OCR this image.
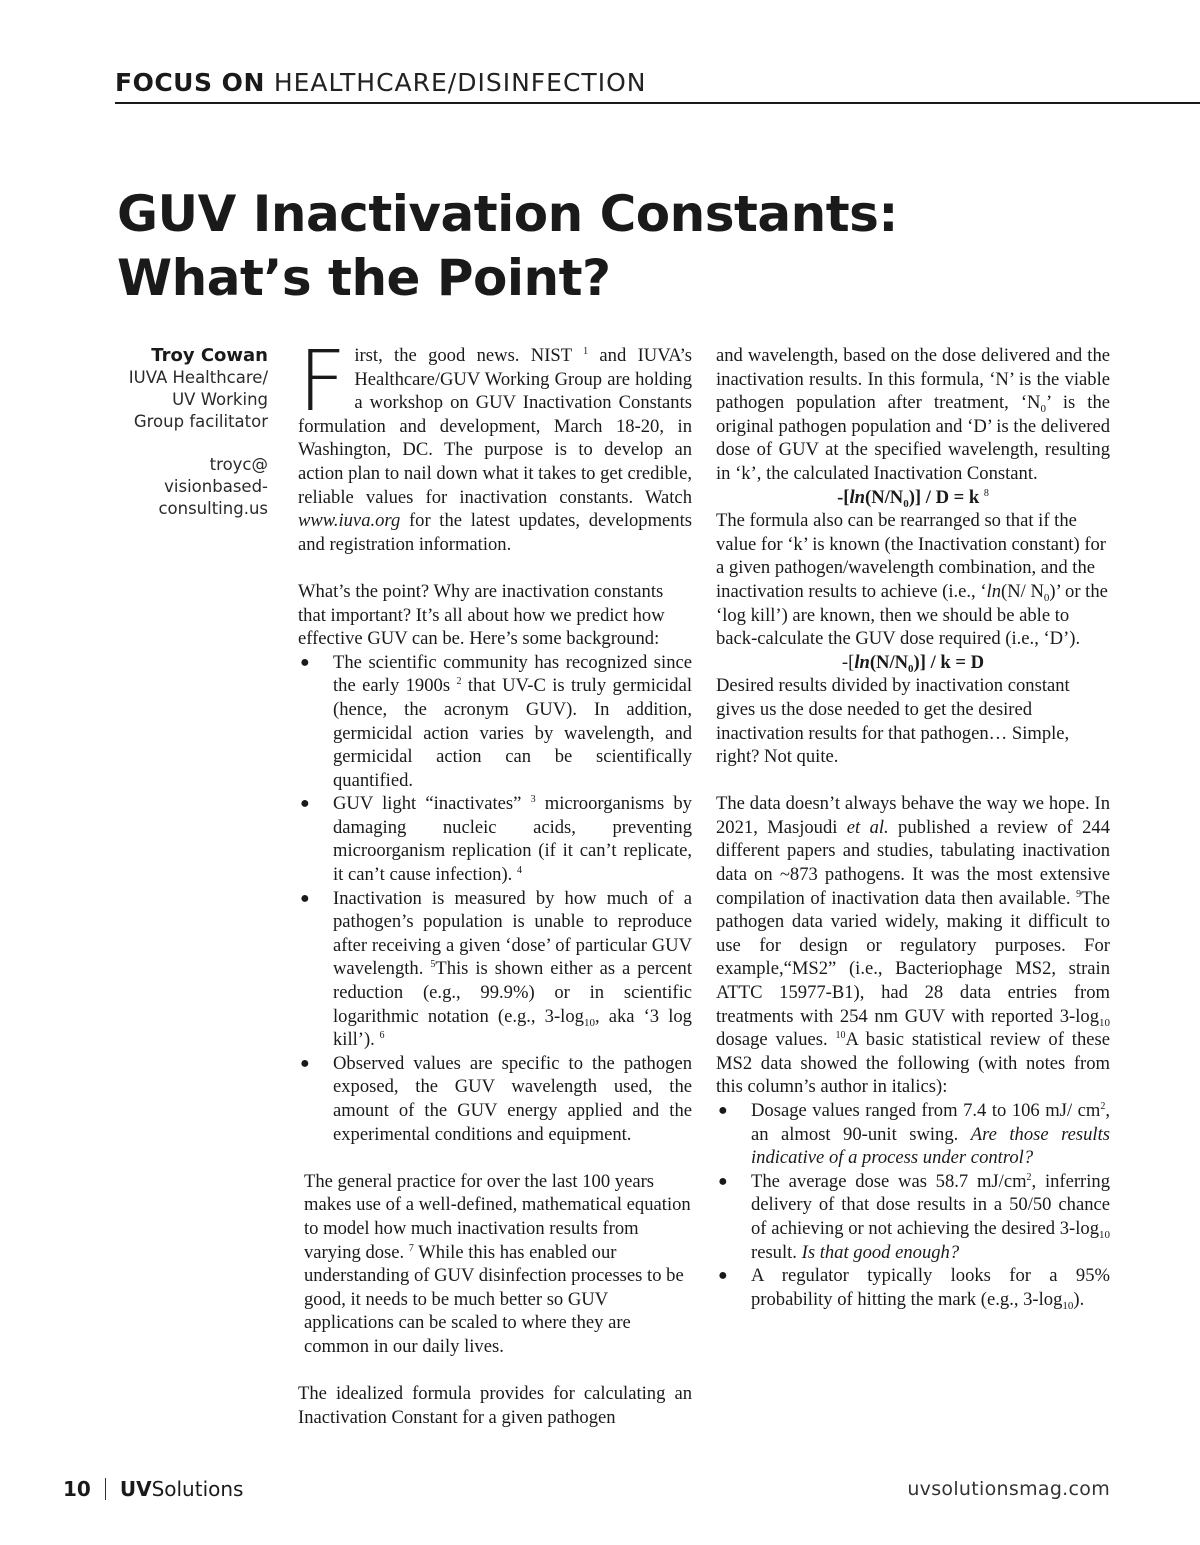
FOCUS ON HEALTHCARE/DISINFECTION
GUV Inactivation Constants:
What’s the Point?
Troy Cowan
IUVA Healthcare/
UV Working
Group facilitator
troyc@
visionbased-
consulting.us

First, the good news. NIST $^1$ and IUVA’s Healthcare/GUV Working Group are holding a workshop on GUV Inactivation Constants formulation and development, March 18-20, in Washington, DC. The purpose is to develop an action plan to nail down what it takes to get credible, reliable values for inactivation constants. Watch www.iuva.org for the latest updates, developments and registration information.

What’s the point? Why are inactivation constants that important? It’s all about how we predict how effective GUV can be. Here’s some background:

● The scientific community has recognized since the early 1900s $^2$ that UV-C is truly germicidal (hence, the acronym GUV). In addition, germicidal action varies by wavelength, and germicidal action can be scientifically quantified.
● GUV light “inactivates” $^3$ microorganisms by damaging nucleic acids, preventing microorganism replication (if it can’t replicate, it can’t cause infection). $^4$
● Inactivation is measured by how much of a pathogen’s population is unable to reproduce after receiving a given ‘dose’ of particular GUV wavelength. $^5$This is shown either as a percent reduction (e.g., 99.9%) or in scientific logarithmic notation (e.g., $3-\log_{10}$, aka ‘3 log kill’). $^6$
● Observed values are specific to the pathogen exposed, the GUV wavelength used, the amount of the GUV energy applied and the experimental conditions and equipment.

The general practice for over the last 100 years makes use of a well-defined, mathematical equation to model how much inactivation results from varying dose. $^7$ While this has enabled our understanding of GUV disinfection processes to be good, it needs to be much better so GUV applications can be scaled to where they are common in our daily lives.

The idealized formula provides for calculating an Inactivation Constant for a given pathogen

and wavelength, based on the dose delivered and the inactivation results. In this formula, ‘N’ is the viable pathogen population after treatment, ‘$N_0$’ is the original pathogen population and ‘D’ is the delivered dose of GUV at the specified wavelength, resulting in ‘k’, the calculated Inactivation Constant.

$-[\ln(N/N_0)] / D = k$ $^8$

The formula also can be rearranged so that if the value for ‘k’ is known (the Inactivation constant) for a given pathogen/wavelength combination, and the inactivation results to achieve (i.e., ‘ln(N/ $N_0$)’ or the ‘log kill’) are known, then we should be able to back-calculate the GUV dose required (i.e., ‘D’).

$-[\ln(N/N_0)] / k = D$

Desired results divided by inactivation constant gives us the dose needed to get the desired inactivation results for that pathogen… Simple, right? Not quite.

The data doesn’t always behave the way we hope. In 2021, Masjoudi et al. published a review of 244 different papers and studies, tabulating inactivation data on ~873 pathogens. It was the most extensive compilation of inactivation data then available. $^9$The pathogen data varied widely, making it difficult to use for design or regulatory purposes. For example,“MS2” (i.e., Bacteriophage MS2, strain ATTC 15977-B1), had 28 data entries from treatments with 254 nm GUV with reported $3-\log_{10}$ dosage values. $^{10}$A basic statistical review of these MS2 data showed the following (with notes from this column’s author in italics):

● Dosage values ranged from 7.4 to 106 mJ/ $cm^2$, an almost 90-unit swing. Are those results indicative of a process under control?
● The average dose was 58.7 $mJ/cm^2$, inferring delivery of that dose results in a 50/50 chance of achieving or not achieving the desired $3-\log_{10}$ result. Is that good enough?
● A regulator typically looks for a 95% probability of hitting the mark (e.g., $3-\log_{10}$).
10 UVSolutions	uvsolutionsmag.com
